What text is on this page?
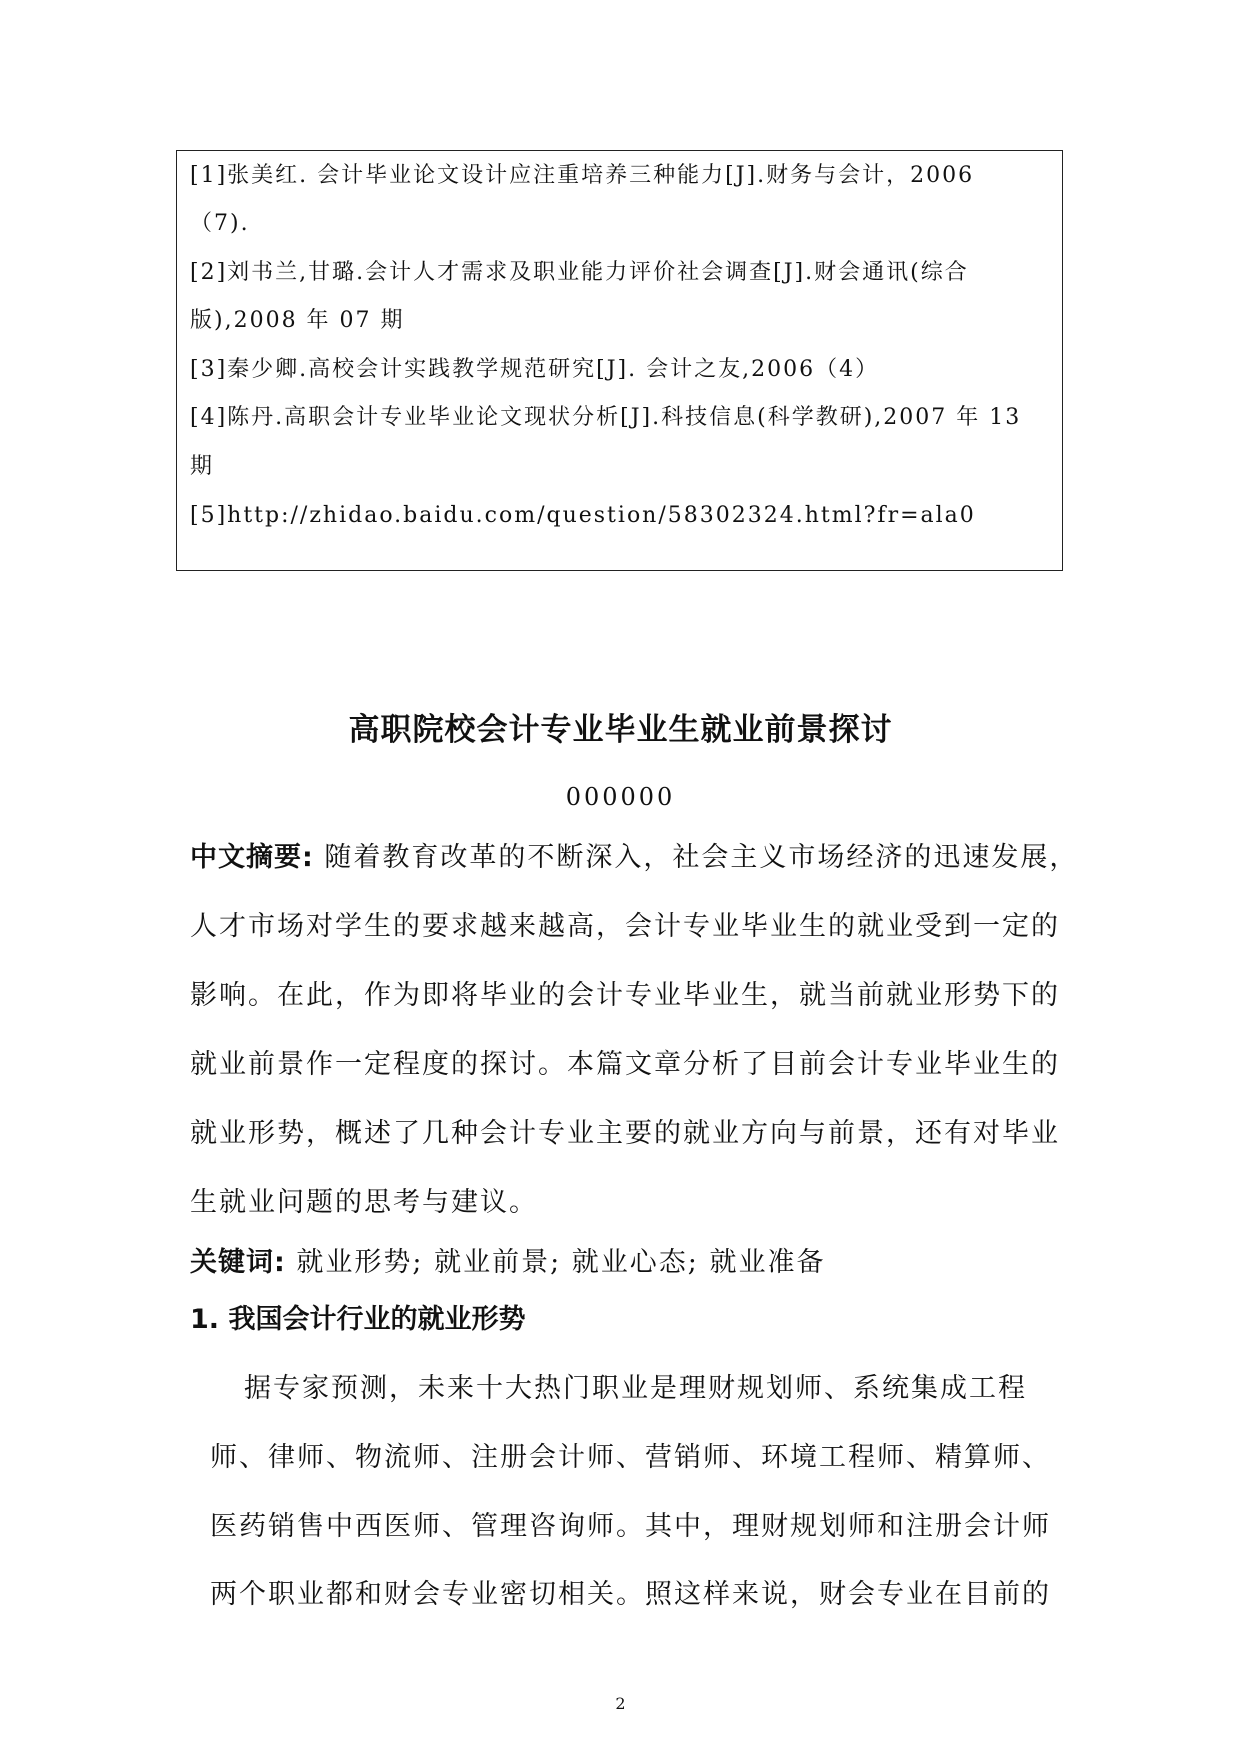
[1]张美红. 会计毕业论文设计应注重培养三种能力[J].财务与会计，2006
（7).
[2]刘书兰,甘璐.会计人才需求及职业能力评价社会调查[J].财会通讯(综合
版),2008 年 07 期
[3]秦少卿.高校会计实践教学规范研究[J]. 会计之友,2006（4）
[4]陈丹.高职会计专业毕业论文现状分析[J].科技信息(科学教研),2007 年 13
期
[5]http://zhidao.baidu.com/question/58302324.html?fr=ala0
高职院校会计专业毕业生就业前景探讨
000000
中文摘要: 随着教育改革的不断深入，社会主义市场经济的迅速发展，
人才市场对学生的要求越来越高，会计专业毕业生的就业受到一定的
影响。在此，作为即将毕业的会计专业毕业生，就当前就业形势下的
就业前景作一定程度的探讨。本篇文章分析了目前会计专业毕业生的
就业形势，概述了几种会计专业主要的就业方向与前景，还有对毕业
生就业问题的思考与建议。
关键词: 就业形势; 就业前景; 就业心态; 就业准备
1. 我国会计行业的就业形势
据专家预测，未来十大热门职业是理财规划师、系统集成工程
师、律师、物流师、注册会计师、营销师、环境工程师、精算师、
医药销售中西医师、管理咨询师。其中，理财规划师和注册会计师
两个职业都和财会专业密切相关。照这样来说，财会专业在目前的
2
